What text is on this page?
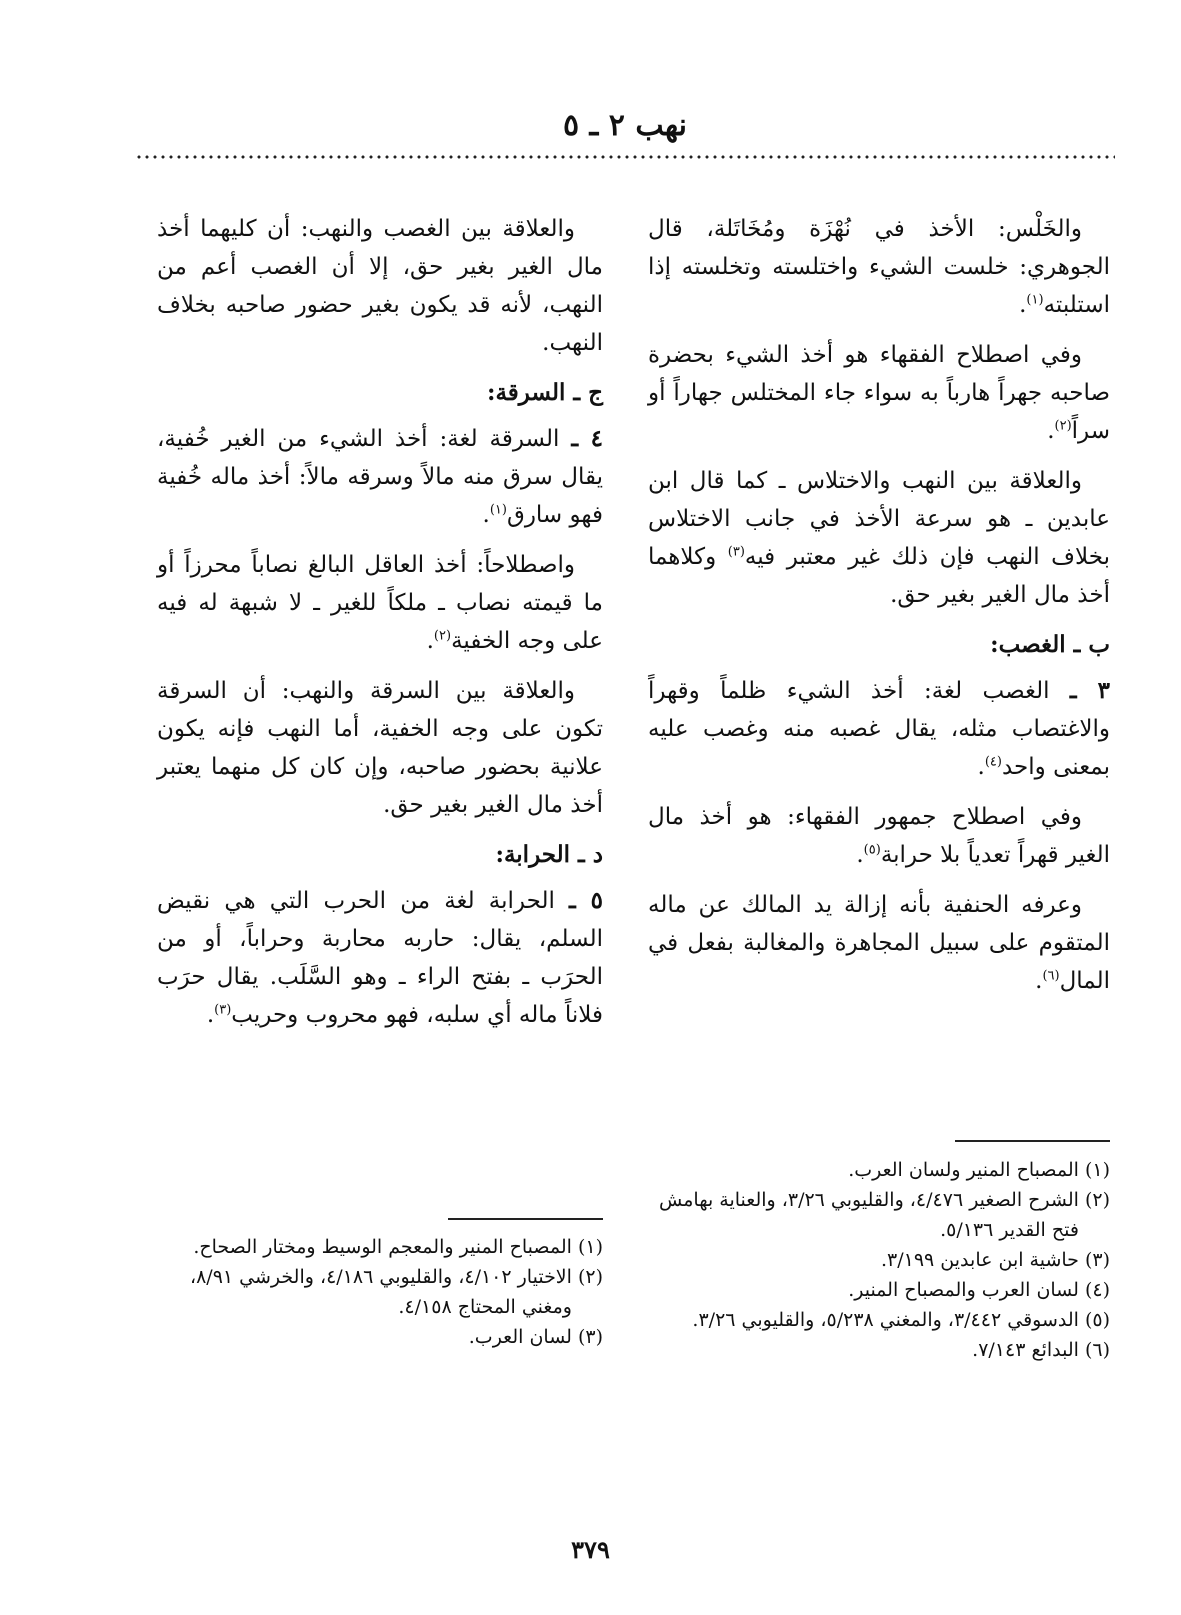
نهب ٢ ـ ٥

والخَلْس: الأخذ في نُهْزَة ومُخَاتَلة، قال الجوهري: خلست الشيء واختلسته وتخلسته إذا استلبته$^{(١)}$.

وفي اصطلاح الفقهاء هو أخذ الشيء بحضرة صاحبه جهراً هارباً به سواء جاء المختلس جهاراً أو سراً$^{(٢)}$.

والعلاقة بين النهب والاختلاس ـ كما قال ابن عابدين ـ هو سرعة الأخذ في جانب الاختلاس بخلاف النهب فإن ذلك غير معتبر فيه$^{(٣)}$ وكلاهما أخذ مال الغير بغير حق.

ب ـ الغصب:

٣ ـ الغصب لغة: أخذ الشيء ظلماً وقهراً والاغتصاب مثله، يقال غصبه منه وغصب عليه بمعنى واحد$^{(٤)}$.

وفي اصطلاح جمهور الفقهاء: هو أخذ مال الغير قهراً تعدياً بلا حرابة$^{(٥)}$.

وعرفه الحنفية بأنه إزالة يد المالك عن ماله المتقوم على سبيل المجاهرة والمغالبة بفعل في المال$^{(٦)}$.

والعلاقة بين الغصب والنهب: أن كليهما أخذ مال الغير بغير حق، إلا أن الغصب أعم من النهب، لأنه قد يكون بغير حضور صاحبه بخلاف النهب.

ج ـ السرقة:

٤ ـ السرقة لغة: أخذ الشيء من الغير خُفية، يقال سرق منه مالاً وسرقه مالاً: أخذ ماله خُفية فهو سارق$^{(١)}$.

واصطلاحاً: أخذ العاقل البالغ نصاباً محرزاً أو ما قيمته نصاب ـ ملكاً للغير ـ لا شبهة له فيه على وجه الخفية$^{(٢)}$.

والعلاقة بين السرقة والنهب: أن السرقة تكون على وجه الخفية، أما النهب فإنه يكون علانية بحضور صاحبه، وإن كان كل منهما يعتبر أخذ مال الغير بغير حق.

د ـ الحرابة:

٥ ـ الحرابة لغة من الحرب التي هي نقيض السلم، يقال: حاربه محاربة وحراباً، أو من الحرَب ـ بفتح الراء ـ وهو السَّلَب. يقال حرَب فلاناً ماله أي سلبه، فهو محروب وحريب$^{(٣)}$.

(١)
المصباح المنير ولسان العرب.
(٢)
الشرح الصغير ٤/٤٧٦، والقليوبي ٣/٢٦، والعناية بهامش فتح القدير ٥/١٣٦.
(٣)
حاشية ابن عابدين ٣/١٩٩.
(٤)
لسان العرب والمصباح المنير.
(٥)
الدسوقي ٣/٤٤٢، والمغني ٥/٢٣٨، والقليوبي ٣/٢٦.
(٦)
البدائع ٧/١٤٣.
(١)
المصباح المنير والمعجم الوسيط ومختار الصحاح.
(٢)
الاختيار ٤/١٠٢، والقليوبي ٤/١٨٦، والخرشي ٨/٩١، ومغني المحتاج ٤/١٥٨.
(٣)
لسان العرب.
٣٧٩
